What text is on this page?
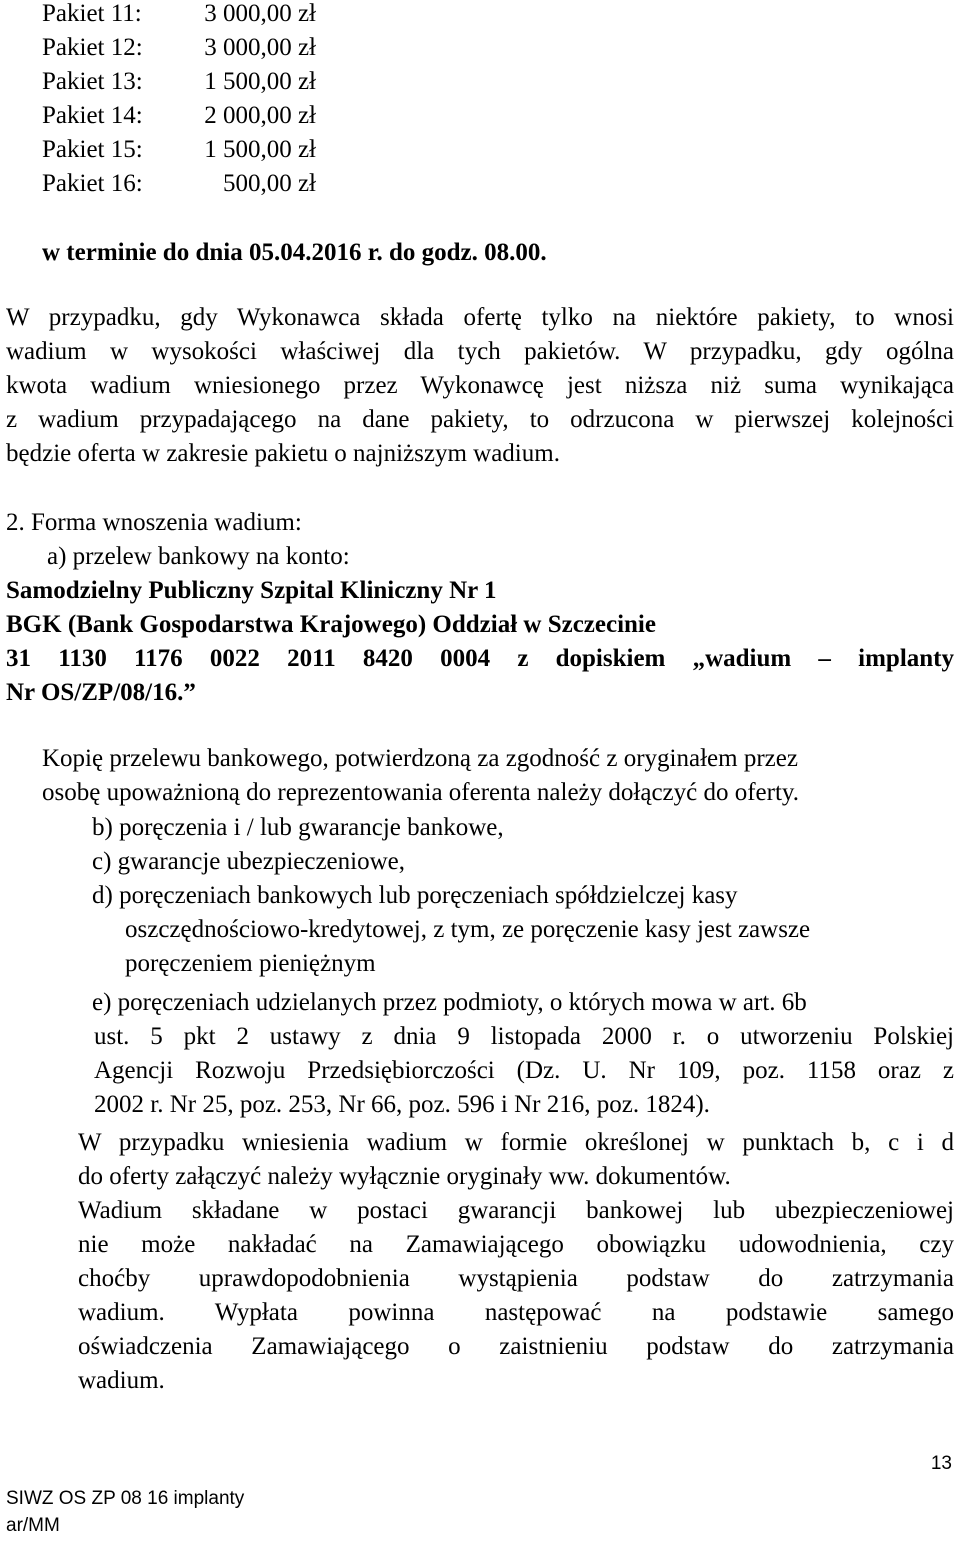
Pakiet 11: 3 000,00 zł
Pakiet 12: 3 000,00 zł
Pakiet 13: 1 500,00 zł
Pakiet 14: 2 000,00 zł
Pakiet 15: 1 500,00 zł
Pakiet 16:	500,00 zł
w terminie do dnia 05.04.2016 r. do godz. 08.00.
W przypadku, gdy Wykonawca składa ofertę tylko na niektóre pakiety, to wnosi
wadium w wysokości właściwej dla tych pakietów. W przypadku, gdy ogólna
kwota wadium wniesionego przez Wykonawcę jest niższa niż suma wynikająca
z wadium przypadającego na dane pakiety, to odrzucona w pierwszej kolejności
będzie oferta w zakresie pakietu o najniższym wadium.
2. Forma wnoszenia wadium:
a) przelew bankowy na konto:
Samodzielny Publiczny Szpital Kliniczny Nr 1
BGK (Bank Gospodarstwa Krajowego) Oddział w Szczecinie
31 1130 1176 0022 2011 8420 0004 z dopiskiem „wadium – implanty
Nr OS/ZP/08/16.”
Kopię przelewu bankowego, potwierdzoną za zgodność z oryginałem przez
osobę upoważnioną do reprezentowania oferenta należy dołączyć do oferty.
b) poręczenia i / lub gwarancje bankowe,
c) gwarancje ubezpieczeniowe,
d) poręczeniach bankowych lub poręczeniach spółdzielczej kasy
oszczędnościowo-kredytowej, z tym, ze poręczenie kasy jest zawsze
poręczeniem pieniężnym
e) poręczeniach udzielanych przez podmioty, o których mowa w art. 6b
ust. 5 pkt 2 ustawy z dnia 9 listopada 2000 r. o utworzeniu Polskiej
Agencji Rozwoju Przedsiębiorczości (Dz. U. Nr 109, poz. 1158 oraz z
2002 r. Nr 25, poz. 253, Nr 66, poz. 596 i Nr 216, poz. 1824).
W przypadku wniesienia wadium w formie określonej w punktach b, c i d
do oferty załączyć należy wyłącznie oryginały ww. dokumentów.
Wadium składane w postaci gwarancji bankowej lub ubezpieczeniowej
nie może nakładać na Zamawiającego obowiązku udowodnienia, czy
choćby uprawdopodobnienia wystąpienia podstaw do zatrzymania
wadium. Wypłata powinna następować na podstawie samego
oświadczenia Zamawiającego o zaistnieniu podstaw do zatrzymania
wadium.
13
SIWZ OS ZP 08 16 implanty
ar/MM
